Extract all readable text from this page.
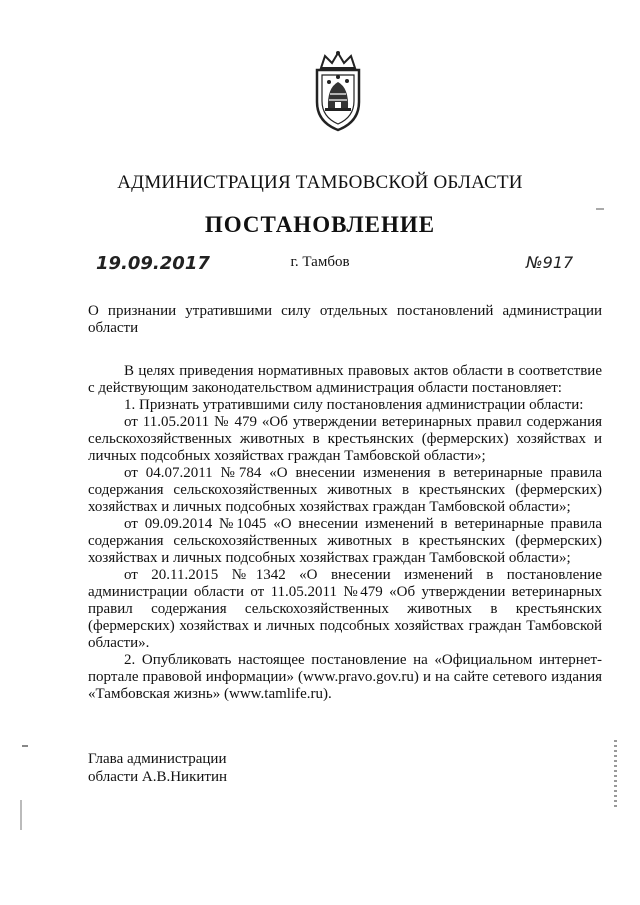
АДМИНИСТРАЦИЯ ТАМБОВСКОЙ ОБЛАСТИ
ПОСТАНОВЛЕНИЕ
19.09.2017	г. Тамбов	№917
О признании утратившими силу отдельных постановлений администрации области

В целях приведения нормативных правовых актов области в соответствие с действующим законодательством администрация области постановляет:

1. Признать утратившими силу постановления администрации области:

от 11.05.2011 № 479 «Об утверждении ветеринарных правил содержания сельскохозяйственных животных в крестьянских (фермерских) хозяйствах и личных подсобных хозяйствах граждан Тамбовской области»;

от 04.07.2011 №784 «О внесении изменения в ветеринарные правила содержания сельскохозяйственных животных в крестьянских (фермерских) хозяйствах и личных подсобных хозяйствах граждан Тамбовской области»;

от 09.09.2014 №1045 «О внесении изменений в ветеринарные правила содержания сельскохозяйственных животных в крестьянских (фермерских) хозяйствах и личных подсобных хозяйствах граждан Тамбовской области»;

от 20.11.2015 №1342 «О внесении изменений в постановление администрации области от 11.05.2011 №479 «Об утверждении ветеринарных правил содержания сельскохозяйственных животных в крестьянских (фермерских) хозяйствах и личных подсобных хозяйствах граждан Тамбовской области».

2. Опубликовать настоящее постановление на «Официальном интернет-портале правовой информации» (www.pravo.gov.ru) и на сайте сетевого издания «Тамбовская жизнь» (www.tamlife.ru).

Глава администрации
области А.В.Никитин
